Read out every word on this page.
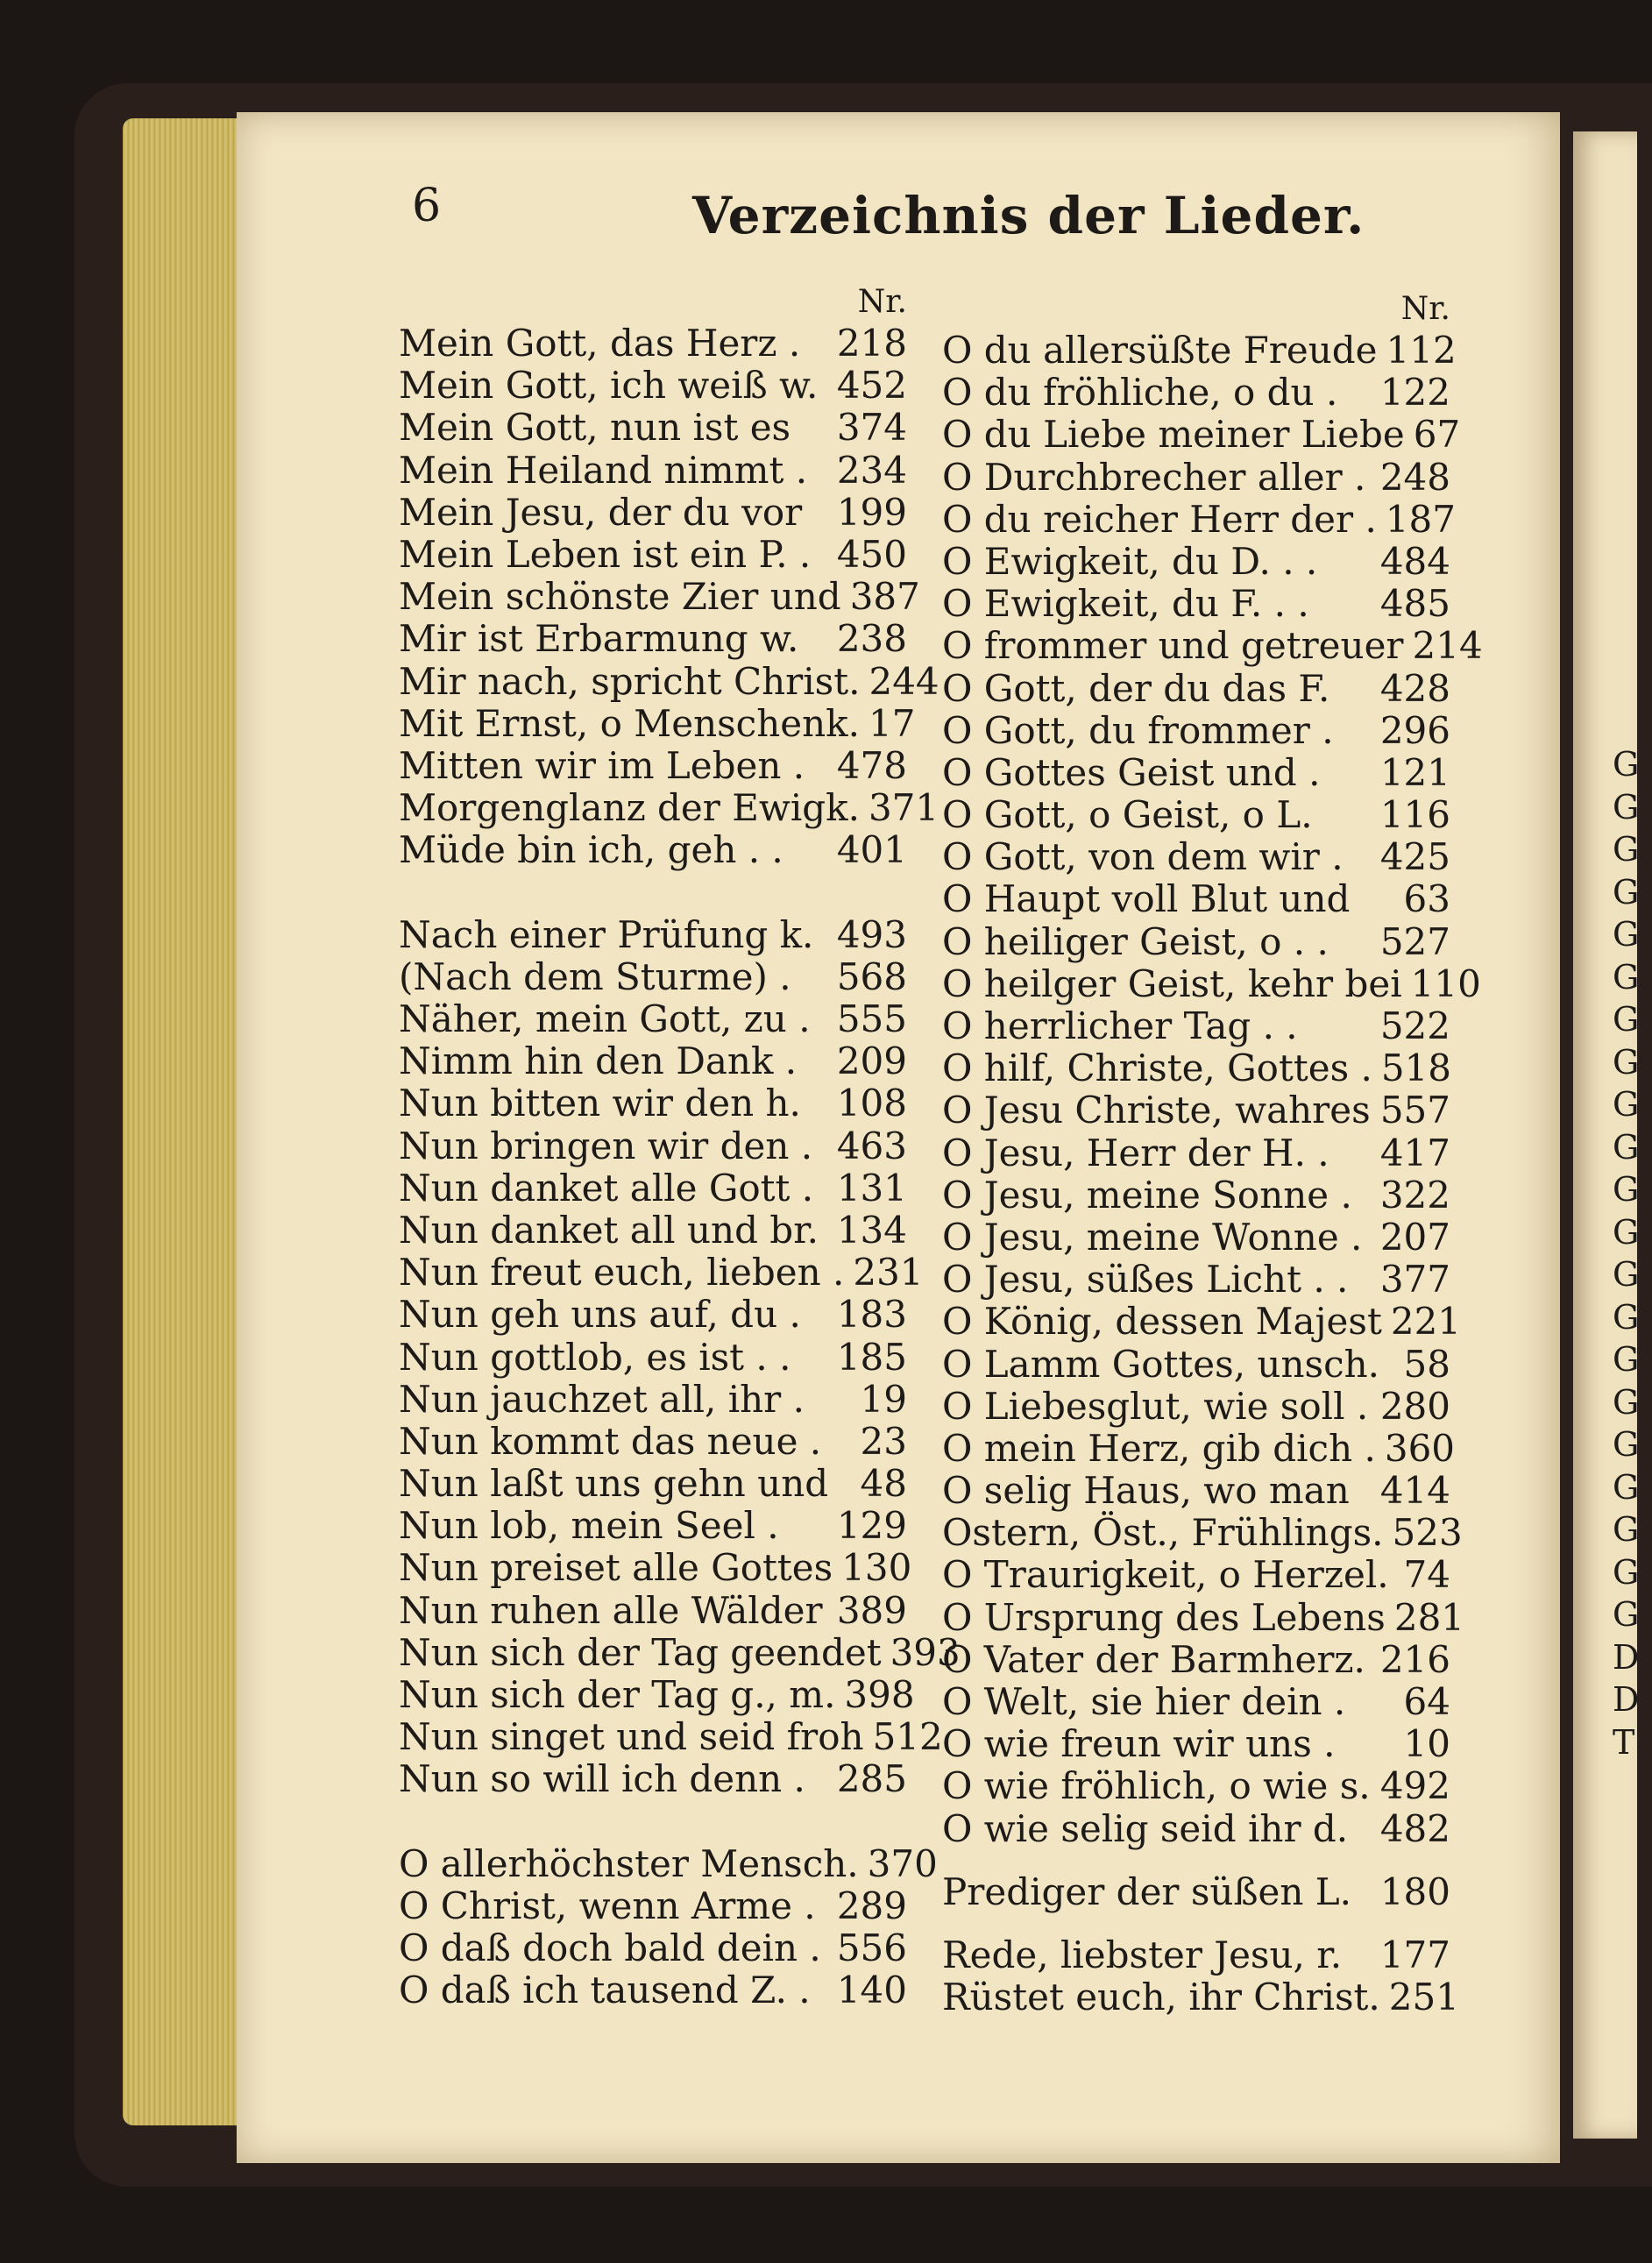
G
G
G
G
G
G
G
G
G
G
G
G
G
G
G
G
G
G
G
G
G
D
D
T
6	Verzeichnis der Lieder.
Nr.
Mein Gott, das Herz . 218
Mein Gott, ich weiß w. 452
Mein Gott, nun ist es	374
Mein Heiland nimmt . 234
Mein Jesu, der du vor 199
Mein Leben ist ein P. . 450
Mein schönste Zier und 387
Mir ist Erbarmung w.	238
Mir nach, spricht Christ. 244
Mit Ernst, o Menschenk. 17
Mitten wir im Leben . 478
Morgenglanz der Ewigk. 371
Müde bin ich, geh . .	401
Nach einer Prüfung k. 493
(Nach dem Sturme) .	568
Näher, mein Gott, zu . 555
Nimm hin den Dank .	209
Nun bitten wir den h. 108
Nun bringen wir den . 463
Nun danket alle Gott . 131
Nun danket all und br. 134
Nun freut euch, lieben . 231
Nun geh uns auf, du . 183
Nun gottlob, es ist . .	185
Nun jauchzet all, ihr .	19
Nun kommt das neue .	23
Nun laßt uns gehn und 48
Nun lob, mein Seel .	129
Nun preiset alle Gottes 130
Nun ruhen alle Wälder 389
Nun sich der Tag geendet 393
Nun sich der Tag g., m. 398
Nun singet und seid froh 512
Nun so will ich denn . 285
O allerhöchster Mensch. 370
O Christ, wenn Arme . 289
O daß doch bald dein . 556
O daß ich tausend Z. . 140
Nr.
O du allersüßte Freude 112
O du fröhliche, o du .	122
O du Liebe meiner Liebe 67
O Durchbrecher aller . 248
O du reicher Herr der . 187
O Ewigkeit, du D. . .	484
O Ewigkeit, du F. . .	485
O frommer und getreuer 214
O Gott, der du das F.	428
O Gott, du frommer .	296
O Gottes Geist und .	121
O Gott, o Geist, o L.	116
O Gott, von dem wir .	425
O Haupt voll Blut und	63
O heiliger Geist, o . .	527
O heilger Geist, kehr bei 110
O herrlicher Tag . .	522
O hilf, Christe, Gottes . 518
O Jesu Christe, wahres 557
O Jesu, Herr der H. .	417
O Jesu, meine Sonne . 322
O Jesu, meine Wonne . 207
O Jesu, süßes Licht . . 377
O König, dessen Majest 221
O Lamm Gottes, unsch. 58
O Liebesglut, wie soll . 280
O mein Herz, gib dich . 360
O selig Haus, wo man 414
Ostern, Öst., Frühlings. 523
O Traurigkeit, o Herzel. 74
O Ursprung des Lebens 281
O Vater der Barmherz. 216
O Welt, sie hier dein .	64
O wie freun wir uns .	10
O wie fröhlich, o wie s. 492
O wie selig seid ihr d. 482
Prediger der süßen L. 180
Rede, liebster Jesu, r.	177
Rüstet euch, ihr Christ. 251
